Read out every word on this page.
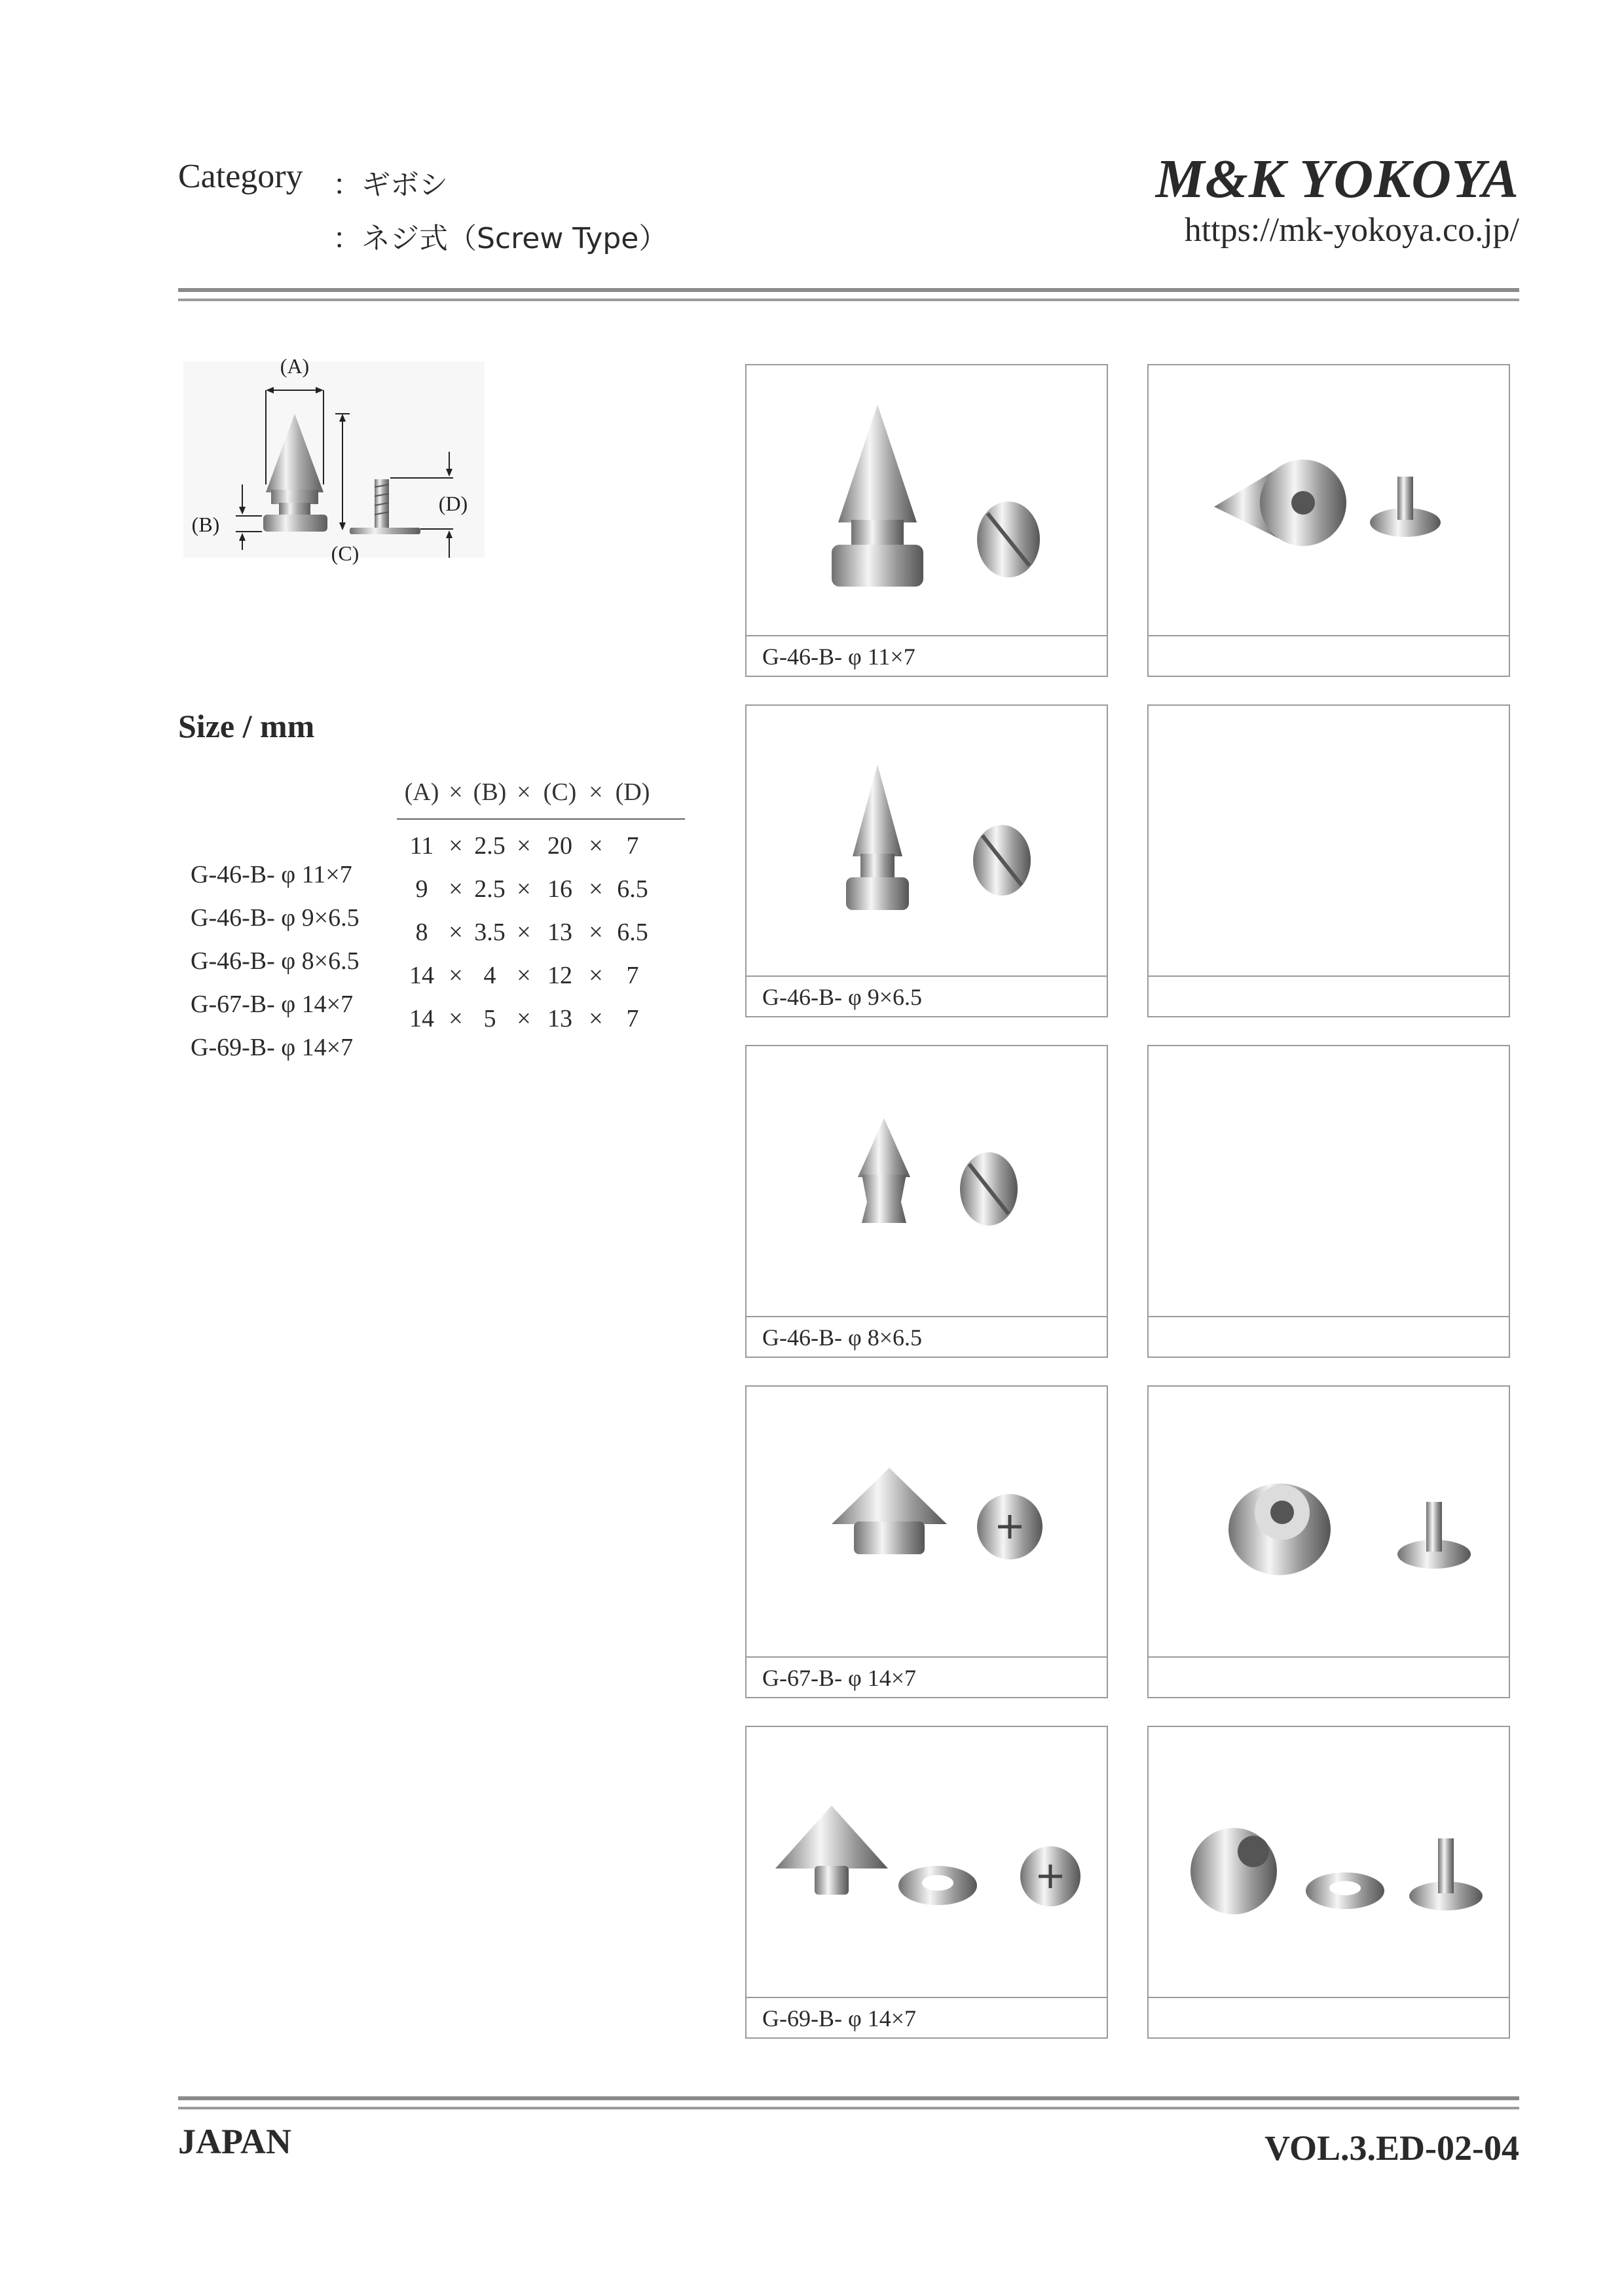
Category ：ギボシ
：ネジ式（Screw Type）
M&K YOKOYA
https://mk-yokoya.co.jp/
(A)
(B)
(C)
(D)
Size / mm

(A)

×

(B)

×

(C)

×

(D)

G-46-B- φ 11×7

11

×

2.5

×

20

×

7

G-46-B- φ 9×6.5

9

×

2.5

×

16

×

6.5

G-46-B- φ 8×6.5

8

×

3.5

×

13

×

6.5

G-67-B- φ 14×7

14

×

4

×

12

×

7

G-69-B- φ 14×7

14

×

5

×

13

×

7

G-46-B- φ 11×7
G-46-B- φ 9×6.5
G-46-B- φ 8×6.5
G-67-B- φ 14×7
G-69-B- φ 14×7
JAPAN	VOL.3.ED-02-04
